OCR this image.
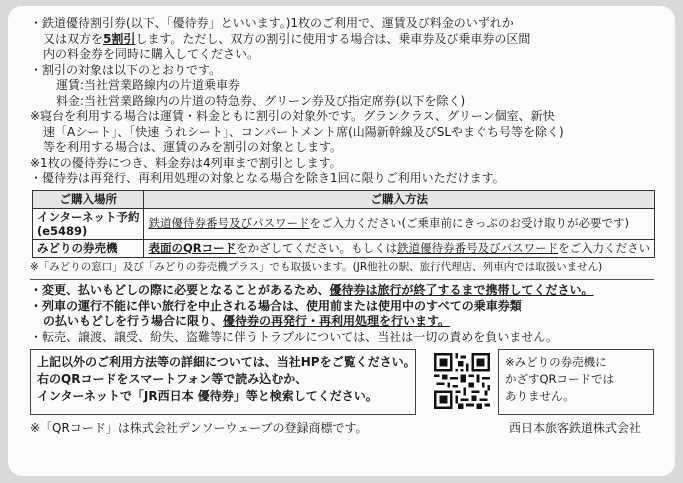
・鉄道優待割引券(以下、「優待券」といいます。)1枚のご利用で、運賃及び料金のいずれか
又は双方を5割引します。ただし、双方の割引に使用する場合は、乗車券及び乗車券の区間
内の料金券を同時に購入してください。
・割引の対象は以下のとおりです。
運賃:当社営業路線内の片道乗車券
料金:当社営業路線内の片道の特急券、グリーン券及び指定席券(以下を除く)
※寝台を利用する場合は運賃・料金ともに割引の対象外です。グランクラス、グリーン個室、新快
速「Aシート」、「快速 うれシート」、コンパートメント席(山陽新幹線及びSLやまぐち号等を除く)
等を利用する場合は、運賃のみを割引の対象とします。
※1枚の優待券につき、料金券は4列車まで割引とします。
・優待券は再発行、再利用処理の対象となる場合を除き1回に限りご利用いただけます。
ご購入場所	ご購入方法

インターネット予約
(e5489)	鉄道優待券番号及びパスワードをご入力ください(ご乗車前にきっぷのお受け取りが必要です)
みどりの券売機	表面のQRコードをかざしてください。もしくは鉄道優待券番号及びパスワードをご入力ください
※「みどりの窓口」及び「みどりの券売機プラス」でも取扱います。(JR他社の駅、旅行代理店、列車内では取扱いません)
・変更、払いもどしの際に必要となることがあるため、優待券は旅行が終了するまで携帯してください。
・列車の運行不能に伴い旅行を中止される場合は、使用前または使用中のすべての乗車券類
の払いもどしを行う場合に限り、優待券の再発行・再利用処理を行います。
・転売、譲渡、譲受、紛失、盗難等に伴うトラブルについては、当社は一切の責めを負いません。
上記以外のご利用方法等の詳細については、当社HPをご覧ください。
右のQRコードをスマートフォン等で読み込むか、
インターネットで「JR西日本 優待券」等と検索してください。
※みどりの券売機に
かざすQRコードでは
ありません。
※「QRコード」は株式会社デンソーウェーブの登録商標です。	西日本旅客鉄道株式会社
